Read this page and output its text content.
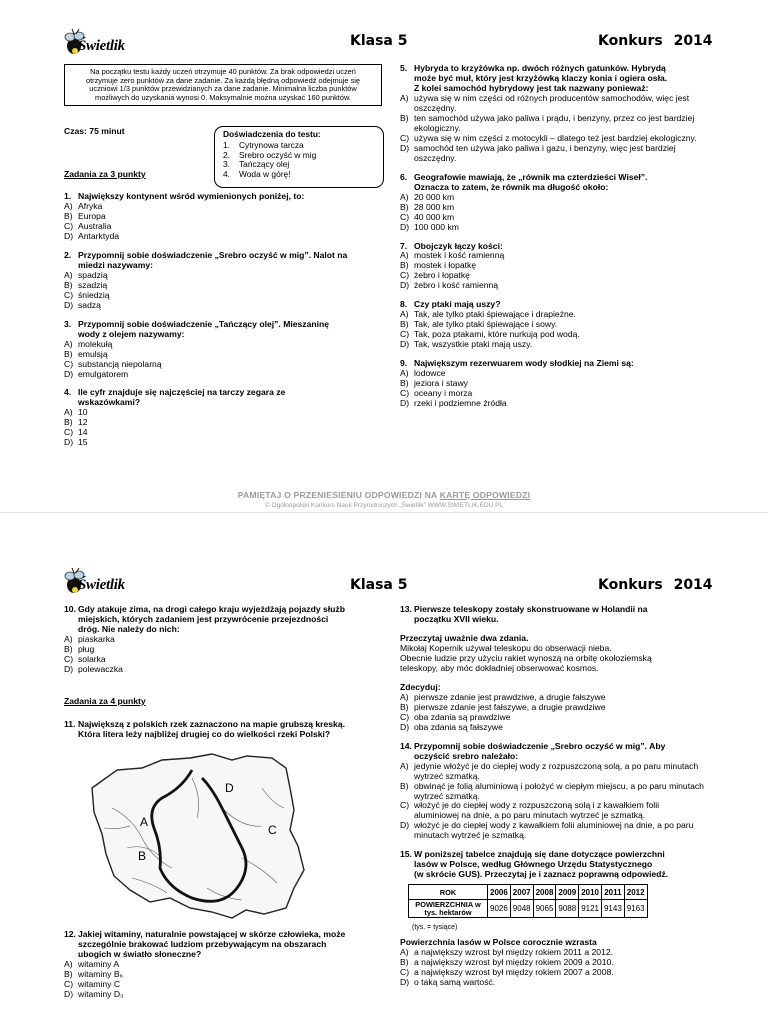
Świetlik	Klasa 5	Konkurs 2014
Na początku testu każdy uczeń otrzymuje 40 punktów. Za brak odpowiedzi uczeń
otrzymuje zero punktów za dane zadanie. Za każdą błędną odpowiedź odejmuje się
uczniowi 1/3 punktów przewidzianych za dane zadanie. Minimalna liczba punktów
możliwych do uzyskania wynosi 0. Maksymalnie można uzyskać 160 punktów.
Czas: 75 minut	Doświadczenia do testu:
1.	Cytrynowa tarcza
2.	Srebro oczyść w mig
3.	Tańczący olej
4.	Woda w górę!
Zadania za 3 punkty
1. Największy kontynent wśród wymienionych poniżej, to:
A) Afryka
B) Europa
C) Australia
D) Antarktyda
2. Przypomnij sobie doświadczenie „Srebro oczyść w mig”. Nalot na
miedzi nazywamy:
A) spadzią
B) szadzią
C) śniedzią
D) sadzą
3. Przypomnij sobie doświadczenie „Tańczący olej”. Mieszaninę
wody z olejem nazywamy:
A) molekułą
B) emulsją
C) substancją niepolarną
D) emulgatorem
4. Ile cyfr znajduje się najczęściej na tarczy zegara ze
wskazówkami?
A) 10
B) 12
C) 14
D) 15
5. Hybryda to krzyżówka np. dwóch różnych gatunków. Hybrydą
może być muł, który jest krzyżówką klaczy konia i ogiera osła.
Z kolei samochód hybrydowy jest tak nazwany ponieważ:
A) używa się w nim części od różnych producentów samochodów, więc jest oszczędny.
B) ten samochód używa jako paliwa i prądu, i benzyny, przez co jest bardziej ekologiczny.
C) używa się w nim części z motocykli – dlatego też jest bardziej ekologiczny.
D) samochód ten używa jako paliwa i gazu, i benzyny, więc jest bardziej oszczędny.
6. Geografowie mawiają, że „równik ma czterdzieści Wiseł”.
Oznacza to zatem, że równik ma długość około:
A) 20 000 km
B) 28 000 km
C) 40 000 km
D) 100 000 km
7. Obojczyk łączy kości:
A) mostek i kość ramienną
B) mostek i łopatkę
C) żebro i łopatkę
D) żebro i kość ramienną
8. Czy ptaki mają uszy?
A) Tak, ale tylko ptaki śpiewające i drapieżne.
B) Tak, ale tylko ptaki śpiewające i sowy.
C) Tak, poza ptakami, które nurkują pod wodą.
D) Tak, wszystkie ptaki mają uszy.
9. Największym rezerwuarem wody słodkiej na Ziemi są:
A) lodowce
B) jeziora i stawy
C) oceany i morza
D) rzeki i podziemne źródła
PAMIĘTAJ O PRZENIESIENIU ODPOWIEDZI NA KARTĘ ODPOWIEDZI
© Ogólnopolski Konkurs Nauk Przyrodniczych „Świetlik” WWW.SWIETLIK.EDU.PL
Świetlik	Klasa 5	Konkurs 2014
10. Gdy atakuje zima, na drogi całego kraju wyjeżdżają pojazdy służb
miejskich, których zadaniem jest przywrócenie przejezdności
dróg. Nie należy do nich:
A) piaskarka
B) pług
C) solarka
D) polewaczka
Zadania za 4 punkty
11. Największą z polskich rzek zaznaczono na mapie grubszą kreską.
Która litera leży najbliżej drugiej co do wielkości rzeki Polski?
D
A
C
B
12. Jakiej witaminy, naturalnie powstającej w skórze człowieka, może
szczególnie brakować ludziom przebywającym na obszarach
ubogich w światło słoneczne?
A) witaminy A
B) witaminy B₆
C) witaminy C
D) witaminy D₃
13. Pierwsze teleskopy zostały skonstruowane w Holandii na
początku XVII wieku.
Przeczytaj uważnie dwa zdania.
Mikołaj Kopernik używał teleskopu do obserwacji nieba.
Obecnie ludzie przy użyciu rakiet wynoszą na orbitę okołoziemską
teleskopy, aby móc dokładniej obserwować kosmos.
Zdecyduj:
A) pierwsze zdanie jest prawdziwe, a drugie fałszywe
B) pierwsze zdanie jest fałszywe, a drugie prawdziwe
C) oba zdania są prawdziwe
D) oba zdania są fałszywe
14. Przypomnij sobie doświadczenie „Srebro oczyść w mig”. Aby
oczyścić srebro należało:
A) jedynie włożyć je do ciepłej wody z rozpuszczoną solą, a po paru minutach wytrzeć szmatką.
B) obwinąć je folią aluminiową i położyć w ciepłym miejscu, a po paru minutach wytrzeć szmatką.
C) włożyć je do ciepłej wody z rozpuszczoną solą i z kawałkiem folii aluminiowej na dnie, a po paru minutach wytrzeć je szmatką.
D) włożyć je do ciepłej wody z kawałkiem folii aluminiowej na dnie, a po paru minutach wytrzeć je szmatką.
15. W poniższej tabelce znajdują się dane dotyczące powierzchni
lasów w Polsce, według Głównego Urzędu Statystycznego
(w skrócie GUS). Przeczytaj je i zaznacz poprawną odpowiedź.
ROK	2006	2007	2008	2009	2010	2011	2012
POWIERZCHNIA w tys. hektarów	9026	9048	9065	9088	9121	9143	9163
(tys. = tysiące)
Powierzchnia lasów w Polsce corocznie wzrasta
A) a największy wzrost był między rokiem 2011 a 2012.
B) a największy wzrost był między rokiem 2009 a 2010.
C) a największy wzrost był między rokiem 2007 a 2008.
D) o taką samą wartość.
